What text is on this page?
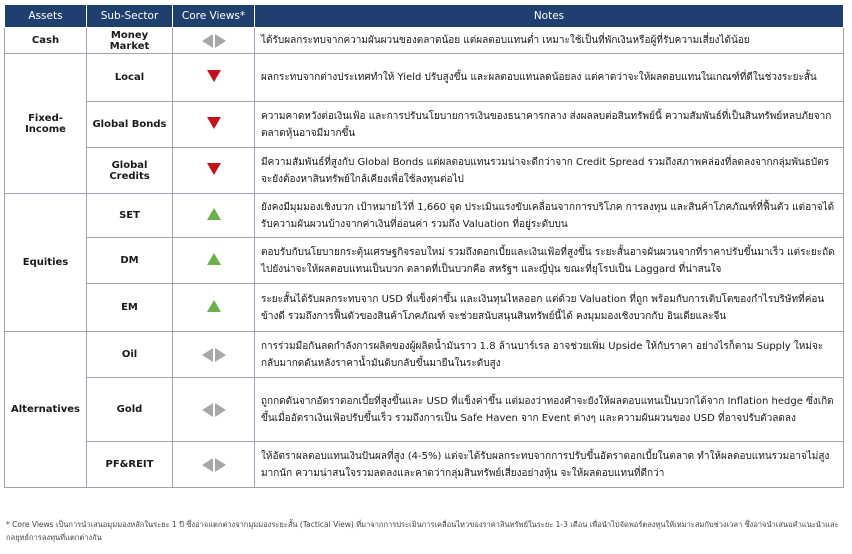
Assets	Sub-Sector	Core Views*	Notes
Cash	Money Market		ได้รับผลกระทบจากความผันผวนของตลาดน้อย แต่ผลตอบแทนต่ำ เหมาะใช้เป็นที่พักเงินหรือผู้ที่รับความเสี่ยงได้น้อย
Fixed-Income	Local		ผลกระทบจากต่างประเทศทำให้ Yield ปรับสูงขึ้น และผลตอบแทนลดน้อยลง แต่คาดว่าจะให้ผลตอบแทนในเกณฑ์ที่ดีในช่วงระยะสั้น
	Global Bonds		ความคาดหวังต่อเงินเฟ้อ และการปรับนโยบายการเงินของธนาคารกลาง ส่งผลลบต่อสินทรัพย์นี้ ความสัมพันธ์ที่เป็นสินทรัพย์หลบภัยจากตลาดหุ้นอาจมีมากขึ้น
	Global Credits		มีความสัมพันธ์ที่สูงกับ Global Bonds แต่ผลตอบแทนรวมน่าจะดีกว่าจาก Credit Spread รวมถึงสภาพคล่องที่ลดลงจากกลุ่มพันธบัตรจะยังต้องหาสินทรัพย์ใกล้เคียงเพื่อใช้ลงทุนต่อไป
Equities	SET		ยังคงมีมุมมองเชิงบวก เป้าหมายไว้ที่ 1,660 จุด ประเมินแรงขับเคลื่อนจากการบริโภค การลงทุน และสินค้าโภคภัณฑ์ที่ฟื้นตัว แต่อาจได้รับความผันผวนบ้างจากค่าเงินที่อ่อนค่า รวมถึง Valuation ที่อยู่ระดับบน
	DM		ตอบรับกับนโยบายกระตุ้นเศรษฐกิจรอบใหม่ รวมถึงดอกเบี้ยและเงินเฟ้อที่สูงขึ้น ระยะสั้นอาจผันผวนจากที่ราคาปรับขึ้นมาเร็ว แต่ระยะถัดไปยังน่าจะให้ผลตอบแทนเป็นบวก ตลาดที่เป็นบวกคือ สหรัฐฯ และญี่ปุ่น ขณะที่ยุโรปเป็น Laggard ที่น่าสนใจ
	EM		ระยะสั้นได้รับผลกระทบจาก USD ที่แข็งค่าขึ้น และเงินทุนไหลออก แต่ด้วย Valuation ที่ถูก พร้อมกับการเติบโตของกำไรบริษัทที่ค่อนข้างดี รวมถึงการฟื้นตัวของสินค้าโภคภัณฑ์ จะช่วยสนับสนุนสินทรัพย์นี้ได้ คงมุมมองเชิงบวกกับ อินเดียและจีน
Alternatives	Oil		การร่วมมือกันลดกำลังการผลิตของผู้ผลิตน้ำมันราว 1.8 ล้านบาร์เรล อาจช่วยเพิ่ม Upside ให้กับราคา อย่างไรก็ตาม Supply ใหม่จะกลับมากดดันหลังราคาน้ำมันดิบกลับขึ้นมายืนในระดับสูง
	Gold		ถูกกดดันจากอัตราดอกเบี้ยที่สูงขึ้นและ USD ที่แข็งค่าขึ้น แต่มองว่าทองคำจะยังให้ผลตอบแทนเป็นบวกได้จาก Inflation hedge ซึ่งเกิดขึ้นเมื่ออัตราเงินเฟ้อปรับขึ้นเร็ว รวมถึงการเป็น Safe Haven จาก Event ต่างๆ และความผันผวนของ USD ที่อาจปรับตัวลดลง
	PF&REIT		ให้อัตราผลตอบแทนเงินปันผลที่สูง (4-5%) แต่จะได้รับผลกระทบจากการปรับขึ้นอัตราดอกเบี้ยในตลาด ทำให้ผลตอบแทนรวมอาจไม่สูงมากนัก ความน่าสนใจรวมลดลงและคาดว่ากลุ่มสินทรัพย์เสี่ยงอย่างหุ้น จะให้ผลตอบแทนที่ดีกว่า
* Core Views เป็นการนำเสนอมุมมองหลักในระยะ 1 ปี ซึ่งอาจแตกต่างจากมุมมองระยะสั้น (Tactical View) ที่มาจากการประเมินการเคลื่อนไหวของราคาสินทรัพย์ในระยะ 1-3 เดือน เพื่อนำไปจัดพอร์ตลงทุนให้เหมาะสมกับช่วงเวลา ซึ่งอาจนำเสนอคำแนะนำและกลยุทธ์การลงทุนที่แตกต่างกัน
